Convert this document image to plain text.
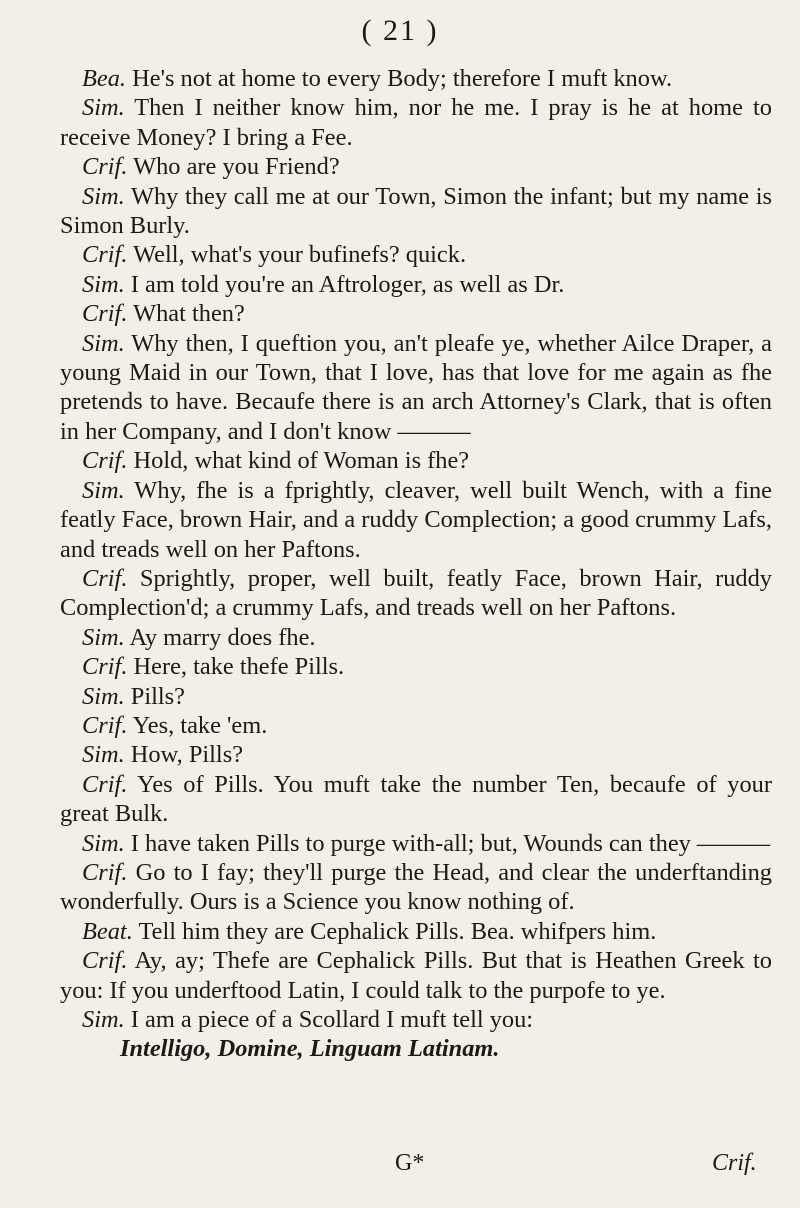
( 21 )

Bea. He's not at home to every Body; therefore I muft know.

Sim. Then I neither know him, nor he me. I pray is he at home to receive Money? I bring a Fee.

Crif. Who are you Friend?

Sim. Why they call me at our Town, Simon the infant; but my name is Simon Burly.

Crif. Well, what's your bufinefs? quick.

Sim. I am told you're an Aftrologer, as well as Dr.

Crif. What then?

Sim. Why then, I queftion you, an't pleafe ye, whether Ailce Draper, a young Maid in our Town, that I love, has that love for me again as fhe pretends to have. Becaufe there is an arch Attorney's Clark, that is often in her Company, and I don't know ———

Crif. Hold, what kind of Woman is fhe?

Sim. Why, fhe is a fprightly, cleaver, well built Wench, with a fine featly Face, brown Hair, and a ruddy Complection; a good crummy Lafs, and treads well on her Paftons.

Crif. Sprightly, proper, well built, featly Face, brown Hair, ruddy Complection'd; a crummy Lafs, and treads well on her Paftons.

Sim. Ay marry does fhe.

Crif. Here, take thefe Pills.

Sim. Pills?

Crif. Yes, take 'em.

Sim. How, Pills?

Crif. Yes of Pills. You muft take the number Ten, becaufe of your great Bulk.

Sim. I have taken Pills to purge with-all; but, Wounds can they ———

Crif. Go to I fay; they'll purge the Head, and clear the underftanding wonderfully. Ours is a Science you know nothing of.

Beat. Tell him they are Cephalick Pills. Bea. whifpers him.

Crif. Ay, ay; Thefe are Cephalick Pills. But that is Heathen Greek to you: If you underftood Latin, I could talk to the purpofe to ye.

Sim. I am a piece of a Scollard I muft tell you:

Intelligo, Domine, Linguam Latinam.

G*	Crif.
